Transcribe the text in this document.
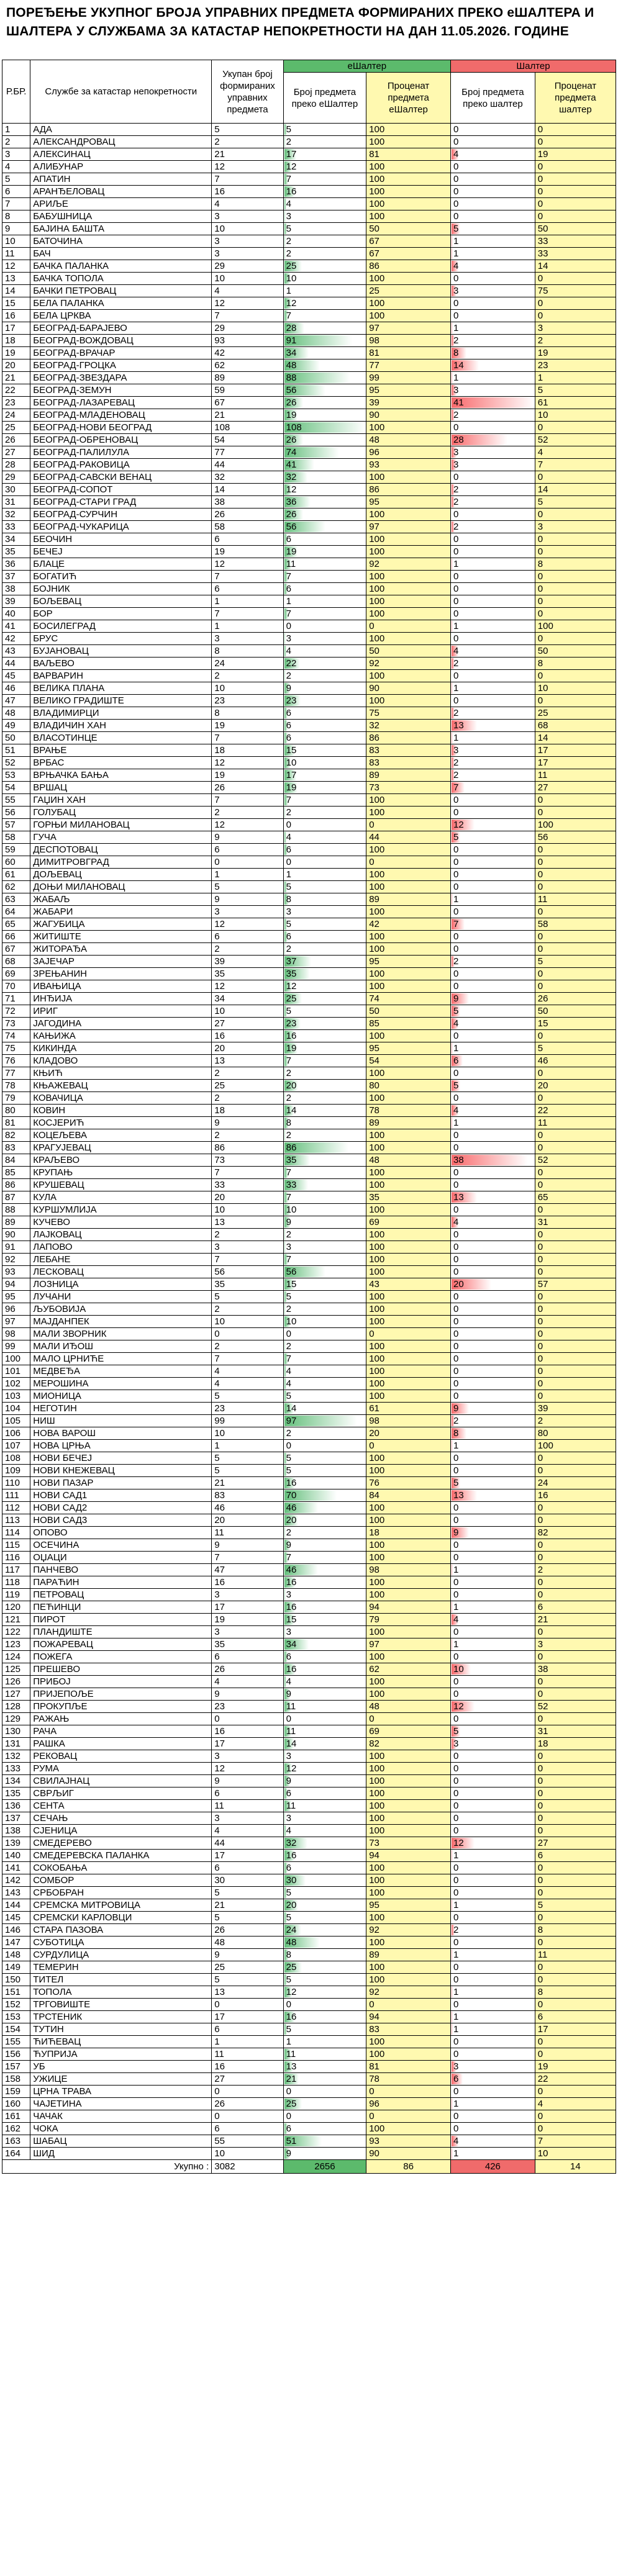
ПОРЕЂЕЊЕ УКУПНОГ БРОЈА УПРАВНИХ ПРЕДМЕТА ФОРМИРАНИХ ПРЕКО еШАЛТЕРА И ШАЛТЕРА У СЛУЖБАМА ЗА КАТАСТАР НЕПОКРЕТНОСТИ НА ДАН 11.05.2026. ГОДИНЕ
Р.БР.	Службе за катастар непокретности	Укупан број формираних управних предмета	еШалтер		Шалтер	
			Број предмета преко еШалтер	Проценат предмета еШалтер	Број предмета преко шалтер	Проценат предмета шалтер
1	АДА	5	5	100	0	0
2	АЛЕКСАНДРОВАЦ	2	2	100	0	0
3	АЛЕКСИНАЦ	21	17	81	4	19
4	АЛИБУНАР	12	12	100	0	0
5	АПАТИН	7	7	100	0	0
6	АРАНЂЕЛОВАЦ	16	16	100	0	0
7	АРИЉЕ	4	4	100	0	0
8	БАБУШНИЦА	3	3	100	0	0
9	БАЈИНА БАШТА	10	5	50	5	50
10	БАТОЧИНА	3	2	67	1	33
11	БАЧ	3	2	67	1	33
12	БАЧКА ПАЛАНКА	29	25	86	4	14
13	БАЧКА ТОПОЛА	10	10	100	0	0
14	БАЧКИ ПЕТРОВАЦ	4	1	25	3	75
15	БЕЛА ПАЛАНКА	12	12	100	0	0
16	БЕЛА ЦРКВА	7	7	100	0	0
17	БЕОГРАД-БАРАЈЕВО	29	28	97	1	3
18	БЕОГРАД-ВОЖДОВАЦ	93	91	98	2	2
19	БЕОГРАД-ВРАЧАР	42	34	81	8	19
20	БЕОГРАД-ГРОЦКА	62	48	77	14	23
21	БЕОГРАД-ЗВЕЗДАРА	89	88	99	1	1
22	БЕОГРАД-ЗЕМУН	59	56	95	3	5
23	БЕОГРАД-ЛАЗАРЕВАЦ	67	26	39	41	61
24	БЕОГРАД-МЛАДЕНОВАЦ	21	19	90	2	10
25	БЕОГРАД-НОВИ БЕОГРАД	108	108	100	0	0
26	БЕОГРАД-ОБРЕНОВАЦ	54	26	48	28	52
27	БЕОГРАД-ПАЛИЛУЛА	77	74	96	3	4
28	БЕОГРАД-РАКОВИЦА	44	41	93	3	7
29	БЕОГРАД-САВСКИ ВЕНАЦ	32	32	100	0	0
30	БЕОГРАД-СОПОТ	14	12	86	2	14
31	БЕОГРАД-СТАРИ ГРАД	38	36	95	2	5
32	БЕОГРАД-СУРЧИН	26	26	100	0	0
33	БЕОГРАД-ЧУКАРИЦА	58	56	97	2	3
34	БЕОЧИН	6	6	100	0	0
35	БЕЧЕЈ	19	19	100	0	0
36	БЛАЦЕ	12	11	92	1	8
37	БОГАТИЋ	7	7	100	0	0
38	БОЈНИК	6	6	100	0	0
39	БОЉЕВАЦ	1	1	100	0	0
40	БОР	7	7	100	0	0
41	БОСИЛЕГРАД	1	0	0	1	100
42	БРУС	3	3	100	0	0
43	БУЈАНОВАЦ	8	4	50	4	50
44	ВАЉЕВО	24	22	92	2	8
45	ВАРВАРИН	2	2	100	0	0
46	ВЕЛИКА ПЛАНА	10	9	90	1	10
47	ВЕЛИКО ГРАДИШТЕ	23	23	100	0	0
48	ВЛАДИМИРЦИ	8	6	75	2	25
49	ВЛАДИЧИН ХАН	19	6	32	13	68
50	ВЛАСОТИНЦЕ	7	6	86	1	14
51	ВРАЊЕ	18	15	83	3	17
52	ВРБАС	12	10	83	2	17
53	ВРЊАЧКА БАЊА	19	17	89	2	11
54	ВРШАЦ	26	19	73	7	27
55	ГАЏИН ХАН	7	7	100	0	0
56	ГОЛУБАЦ	2	2	100	0	0
57	ГОРЊИ МИЛАНОВАЦ	12	0	0	12	100
58	ГУЧА	9	4	44	5	56
59	ДЕСПОТОВАЦ	6	6	100	0	0
60	ДИМИТРОВГРАД	0	0	0	0	0
61	ДОЉЕВАЦ	1	1	100	0	0
62	ДОЊИ МИЛАНОВАЦ	5	5	100	0	0
63	ЖАБАЉ	9	8	89	1	11
64	ЖАБАРИ	3	3	100	0	0
65	ЖАГУБИЦА	12	5	42	7	58
66	ЖИТИШТЕ	6	6	100	0	0
67	ЖИТОРАЂА	2	2	100	0	0
68	ЗАЈЕЧАР	39	37	95	2	5
69	ЗРЕЊАНИН	35	35	100	0	0
70	ИВАЊИЦА	12	12	100	0	0
71	ИНЂИЈА	34	25	74	9	26
72	ИРИГ	10	5	50	5	50
73	ЈАГОДИНА	27	23	85	4	15
74	КАЊИЖА	16	16	100	0	0
75	КИКИНДА	20	19	95	1	5
76	КЛАДОВО	13	7	54	6	46
77	КЊИЋ	2	2	100	0	0
78	КЊАЖЕВАЦ	25	20	80	5	20
79	КОВАЧИЦА	2	2	100	0	0
80	КОВИН	18	14	78	4	22
81	КОСЈЕРИЋ	9	8	89	1	11
82	КОЦЕЉЕВА	2	2	100	0	0
83	КРАГУЈЕВАЦ	86	86	100	0	0
84	КРАЉЕВО	73	35	48	38	52
85	КРУПАЊ	7	7	100	0	0
86	КРУШЕВАЦ	33	33	100	0	0
87	КУЛА	20	7	35	13	65
88	КУРШУМЛИЈА	10	10	100	0	0
89	КУЧЕВО	13	9	69	4	31
90	ЛАЈКОВАЦ	2	2	100	0	0
91	ЛАПОВО	3	3	100	0	0
92	ЛЕБАНЕ	7	7	100	0	0
93	ЛЕСКОВАЦ	56	56	100	0	0
94	ЛОЗНИЦА	35	15	43	20	57
95	ЛУЧАНИ	5	5	100	0	0
96	ЉУБОВИЈА	2	2	100	0	0
97	МАЈДАНПЕК	10	10	100	0	0
98	МАЛИ ЗВОРНИК	0	0	0	0	0
99	МАЛИ ИЂОШ	2	2	100	0	0
100	МАЛО ЦРНИЋЕ	7	7	100	0	0
101	МЕДВЕЂА	4	4	100	0	0
102	МЕРОШИНА	4	4	100	0	0
103	МИОНИЦА	5	5	100	0	0
104	НЕГОТИН	23	14	61	9	39
105	НИШ	99	97	98	2	2
106	НОВА ВАРОШ	10	2	20	8	80
107	НОВА ЦРЊА	1	0	0	1	100
108	НОВИ БЕЧЕЈ	5	5	100	0	0
109	НОВИ КНЕЖЕВАЦ	5	5	100	0	0
110	НОВИ ПАЗАР	21	16	76	5	24
111	НОВИ САД1	83	70	84	13	16
112	НОВИ САД2	46	46	100	0	0
113	НОВИ САД3	20	20	100	0	0
114	ОПОВО	11	2	18	9	82
115	ОСЕЧИНА	9	9	100	0	0
116	ОЏАЦИ	7	7	100	0	0
117	ПАНЧЕВО	47	46	98	1	2
118	ПАРАЋИН	16	16	100	0	0
119	ПЕТРОВАЦ	3	3	100	0	0
120	ПЕЋИНЦИ	17	16	94	1	6
121	ПИРОТ	19	15	79	4	21
122	ПЛАНДИШТЕ	3	3	100	0	0
123	ПОЖАРЕВАЦ	35	34	97	1	3
124	ПОЖЕГА	6	6	100	0	0
125	ПРЕШЕВО	26	16	62	10	38
126	ПРИБОЈ	4	4	100	0	0
127	ПРИЈЕПОЉЕ	9	9	100	0	0
128	ПРОКУПЉЕ	23	11	48	12	52
129	РАЖАЊ	0	0	0	0	0
130	РАЧА	16	11	69	5	31
131	РАШКА	17	14	82	3	18
132	РЕКОВАЦ	3	3	100	0	0
133	РУМА	12	12	100	0	0
134	СВИЛАЈНАЦ	9	9	100	0	0
135	СВРЉИГ	6	6	100	0	0
136	СЕНТА	11	11	100	0	0
137	СЕЧАЊ	3	3	100	0	0
138	СЈЕНИЦА	4	4	100	0	0
139	СМЕДЕРЕВО	44	32	73	12	27
140	СМЕДЕРЕВСКА ПАЛАНКА	17	16	94	1	6
141	СОКОБАЊА	6	6	100	0	0
142	СОМБОР	30	30	100	0	0
143	СРБОБРАН	5	5	100	0	0
144	СРЕМСКА МИТРОВИЦА	21	20	95	1	5
145	СРЕМСКИ КАРЛОВЦИ	5	5	100	0	0
146	СТАРА ПАЗОВА	26	24	92	2	8
147	СУБОТИЦА	48	48	100	0	0
148	СУРДУЛИЦА	9	8	89	1	11
149	ТЕМЕРИН	25	25	100	0	0
150	ТИТЕЛ	5	5	100	0	0
151	ТОПОЛА	13	12	92	1	8
152	ТРГОВИШТЕ	0	0	0	0	0
153	ТРСТЕНИК	17	16	94	1	6
154	ТУТИН	6	5	83	1	17
155	ЋИЋЕВАЦ	1	1	100	0	0
156	ЋУПРИЈА	11	11	100	0	0
157	УБ	16	13	81	3	19
158	УЖИЦЕ	27	21	78	6	22
159	ЦРНА ТРАВА	0	0	0	0	0
160	ЧАЈЕТИНА	26	25	96	1	4
161	ЧАЧАК	0	0	0	0	0
162	ЧОКА	6	6	100	0	0
163	ШАБАЦ	55	51	93	4	7
164	ШИД	10	9	90	1	10
Укупно :		3082	2656	86	426	14
